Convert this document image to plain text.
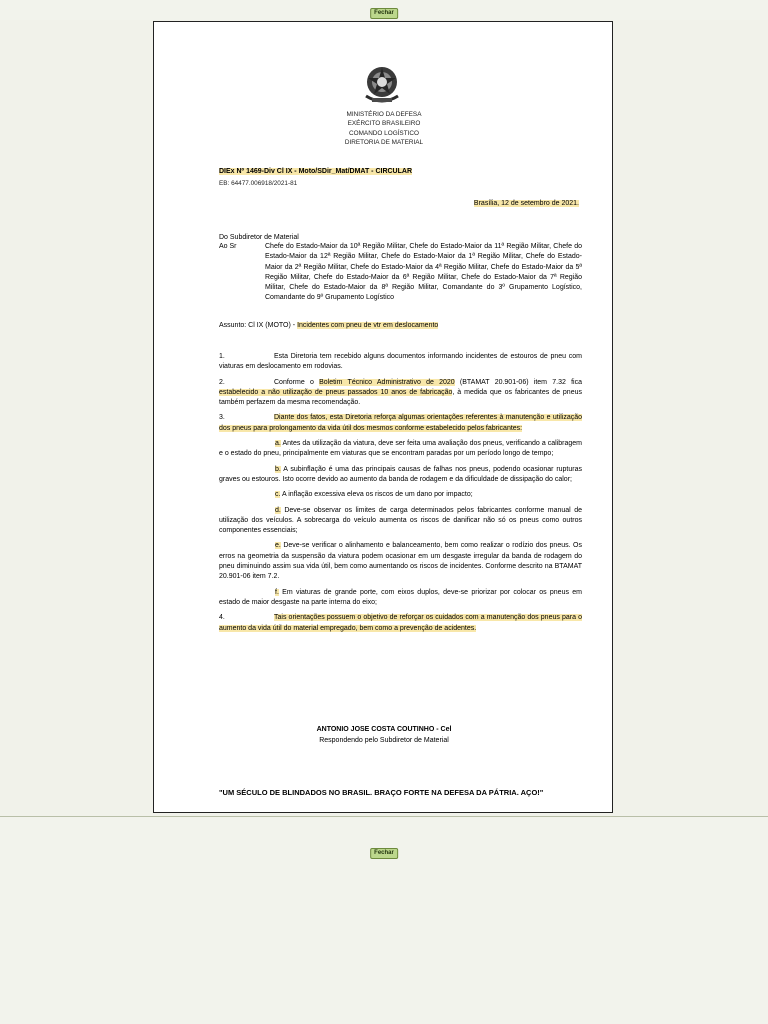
Fechar
MINISTÉRIO DA DEFESA
EXÉRCITO BRASILEIRO
COMANDO LOGÍSTICO
DIRETORIA DE MATERIAL
DIEx Nº 1469-Div Cl IX - Moto/SDir_Mat/DMAT - CIRCULAR
EB: 64477.006918/2021-81
Brasília, 12 de setembro de 2021.
Do Subdiretor de Material
Ao Sr	Chefe do Estado-Maior da 10ª Região Militar, Chefe do Estado-Maior da 11ª Região Militar, Chefe do Estado-Maior da 12ª Região Militar, Chefe do Estado-Maior da 1ª Região Militar, Chefe do Estado-Maior da 2ª Região Militar, Chefe do Estado-Maior da 4ª Região Militar, Chefe do Estado-Maior da 5ª Região Militar, Chefe do Estado-Maior da 6ª Região Militar, Chefe do Estado-Maior da 7ª Região Militar, Chefe do Estado-Maior da 8ª Região Militar, Comandante do 3º Grupamento Logístico, Comandante do 9º Grupamento Logístico
Assunto: Cl IX (MOTO) - Incidentes com pneu de vtr em deslocamento

1.	Esta Diretoria tem recebido alguns documentos informando incidentes de estouros de pneu com viaturas em deslocamento em rodovias.

2.	Conforme o Boletim Técnico Administrativo de 2020 (BTAMAT 20.901-06) item 7.32 fica estabelecido a não utilização de pneus passados 10 anos de fabricação, à medida que os fabricantes de pneus também perfazem da mesma recomendação.

3.	Diante dos fatos, esta Diretoria reforça algumas orientações referentes à manutenção e utilização dos pneus para prolongamento da vida útil dos mesmos conforme estabelecido pelos fabricantes:

a. Antes da utilização da viatura, deve ser feita uma avaliação dos pneus, verificando a calibragem e o estado do pneu, principalmente em viaturas que se encontram paradas por um período longo de tempo;

b. A subinflação é uma das principais causas de falhas nos pneus, podendo ocasionar rupturas graves ou estouros. Isto ocorre devido ao aumento da banda de rodagem e da dificuldade de dissipação do calor;

c. A inflação excessiva eleva os riscos de um dano por impacto;

d. Deve-se observar os limites de carga determinados pelos fabricantes conforme manual de utilização dos veículos. A sobrecarga do veículo aumenta os riscos de danificar não só os pneus como outros componentes essenciais;

e. Deve-se verificar o alinhamento e balanceamento, bem como realizar o rodízio dos pneus. Os erros na geometria da suspensão da viatura podem ocasionar em um desgaste irregular da banda de rodagem do pneu diminuindo assim sua vida útil, bem como aumentando os riscos de incidentes. Conforme descrito na BTAMAT 20.901-06 item 7.2.

f. Em viaturas de grande porte, com eixos duplos, deve-se priorizar por colocar os pneus em estado de maior desgaste na parte interna do eixo;

4.	Tais orientações possuem o objetivo de reforçar os cuidados com a manutenção dos pneus para o aumento da vida útil do material empregado, bem como a prevenção de acidentes.

ANTONIO JOSE COSTA COUTINHO - Cel
Respondendo pelo Subdiretor de Material
"UM SÉCULO DE BLINDADOS NO BRASIL. BRAÇO FORTE NA DEFESA DA PÁTRIA. AÇO!"
Fechar
